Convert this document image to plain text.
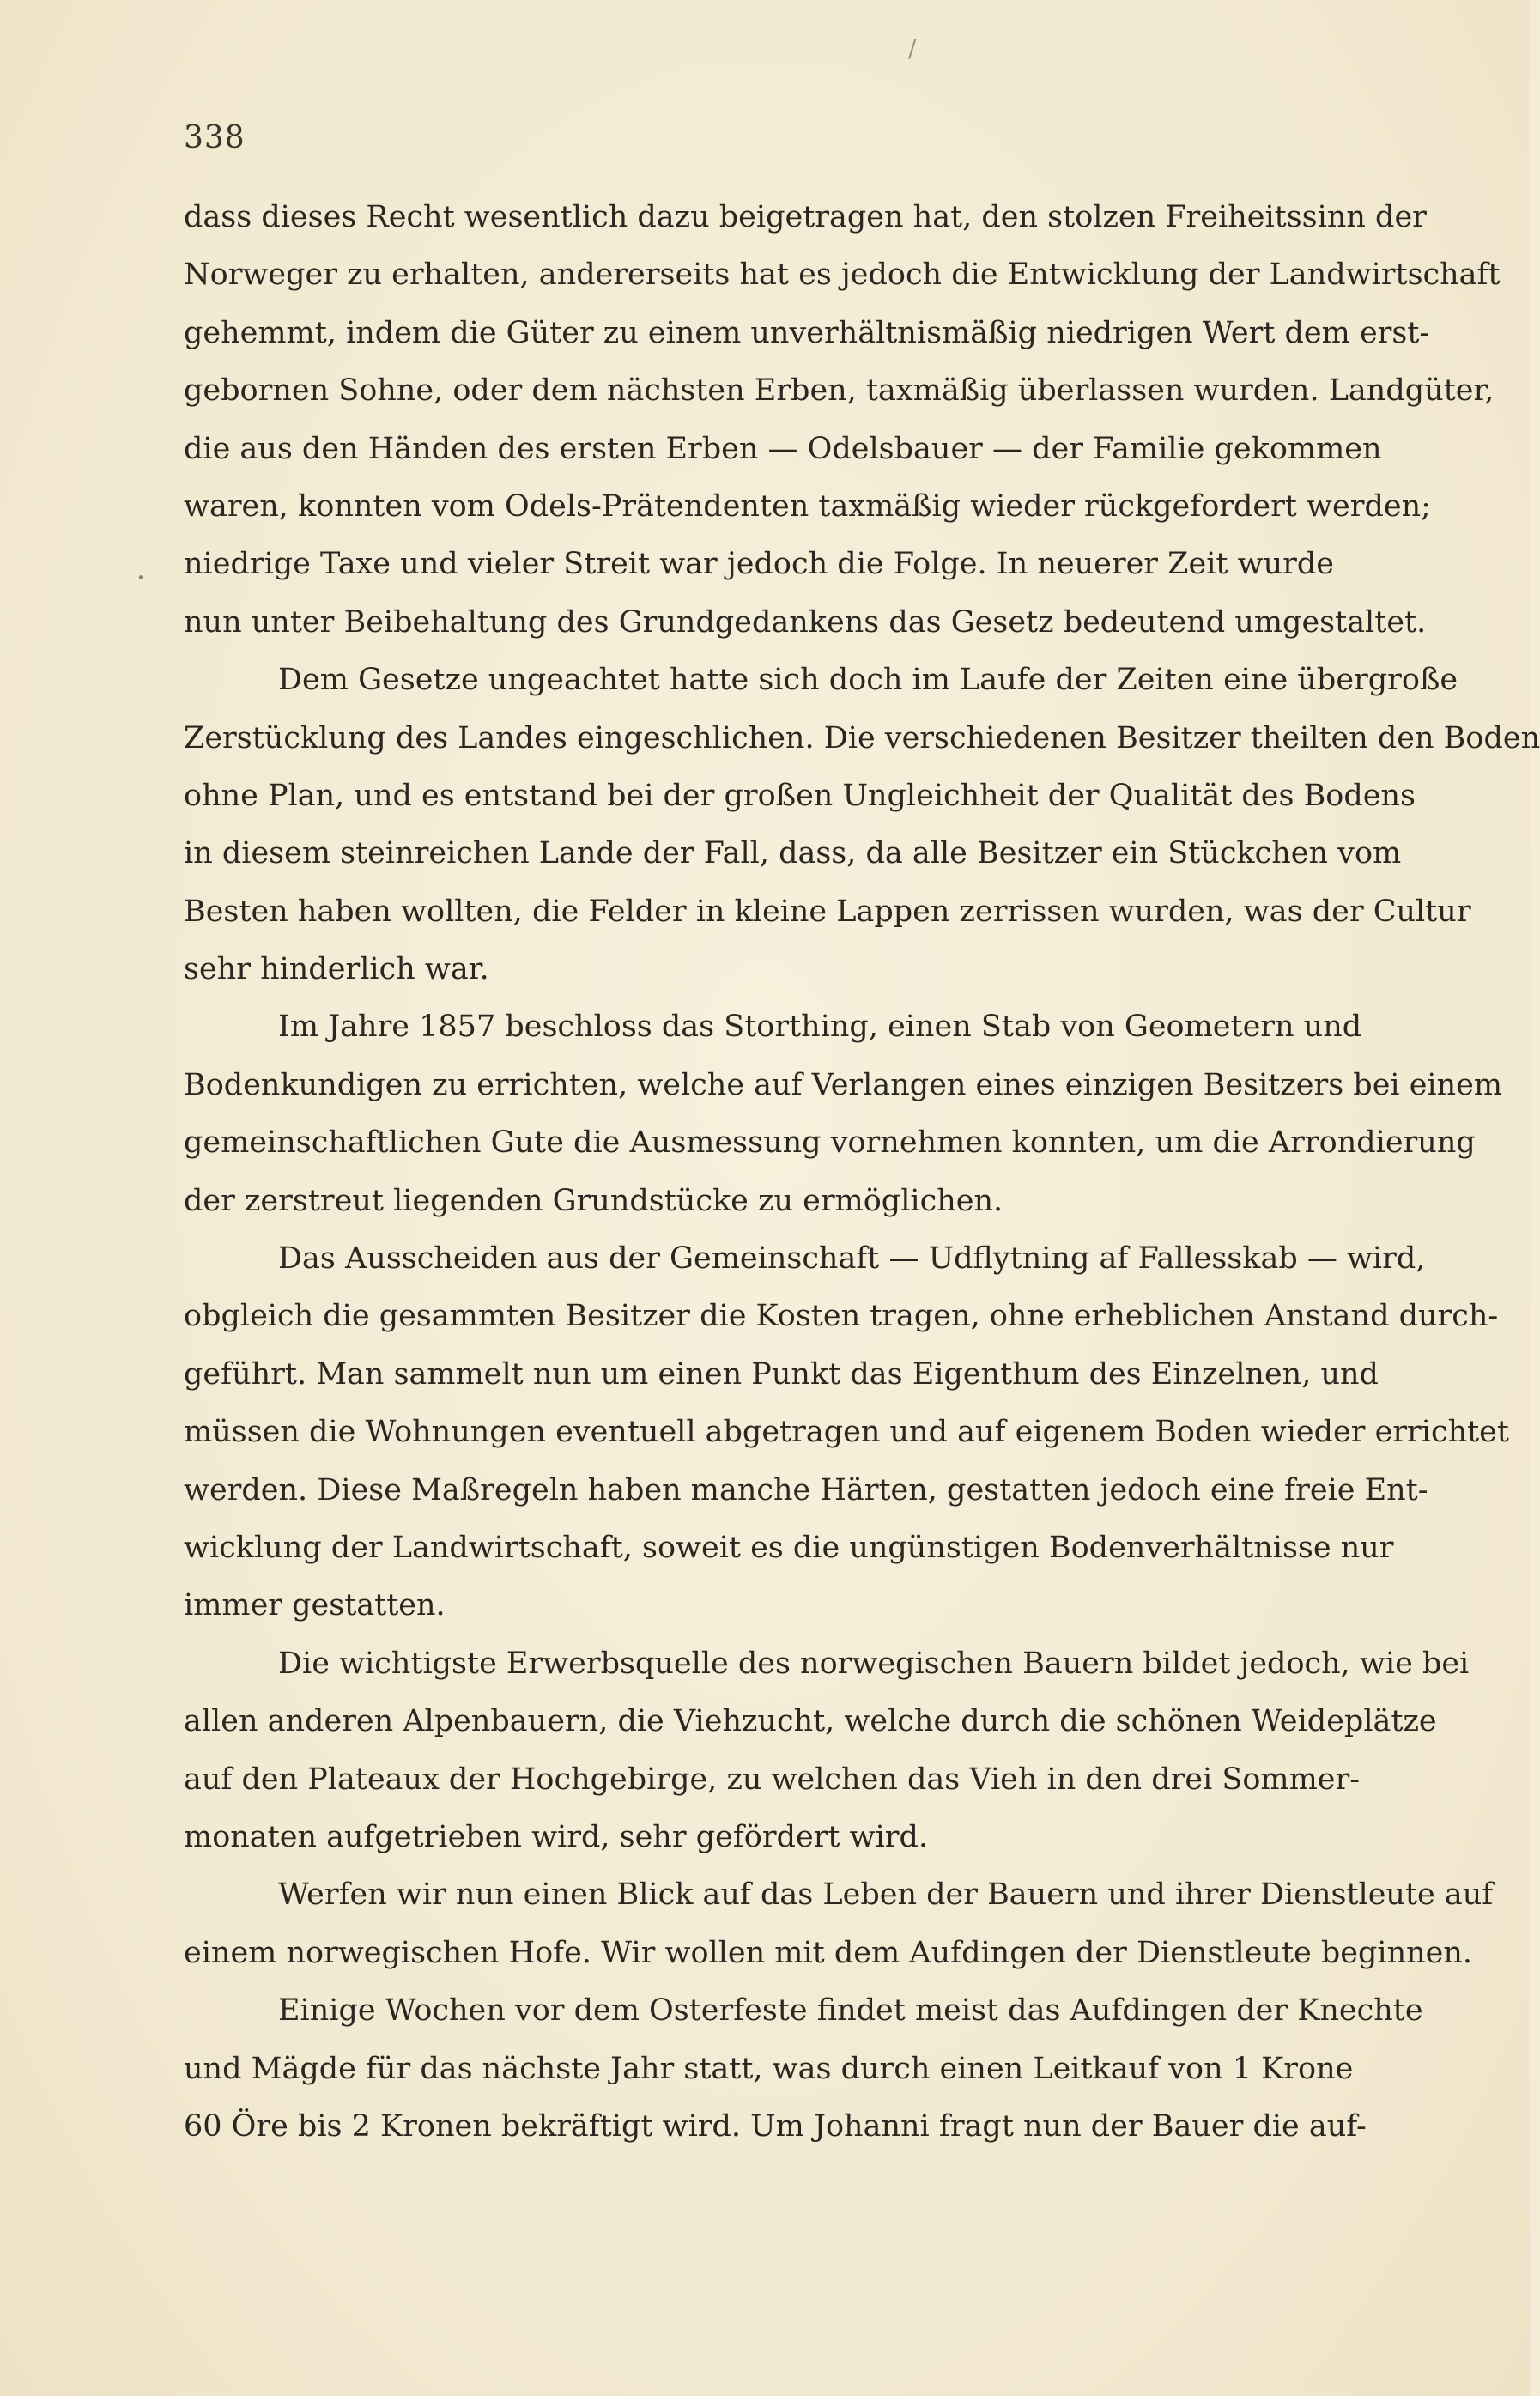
/
338
dass dieses Recht wesentlich dazu beigetragen hat, den stolzen Freiheitssinn der
Norweger zu erhalten, andererseits hat es jedoch die Entwicklung der Landwirtschaft
gehemmt, indem die Güter zu einem unverhältnismäßig niedrigen Wert dem erst-
gebornen Sohne, oder dem nächsten Erben, taxmäßig überlassen wurden. Landgüter,
die aus den Händen des ersten Erben — Odelsbauer — der Familie gekommen
waren, konnten vom Odels-Prätendenten taxmäßig wieder rückgefordert werden;
niedrige Taxe und vieler Streit war jedoch die Folge. In neuerer Zeit wurde
nun unter Beibehaltung des Grundgedankens das Gesetz bedeutend umgestaltet.
Dem Gesetze ungeachtet hatte sich doch im Laufe der Zeiten eine übergroße
Zerstücklung des Landes eingeschlichen. Die verschiedenen Besitzer theilten den Boden
ohne Plan, und es entstand bei der großen Ungleichheit der Qualität des Bodens
in diesem steinreichen Lande der Fall, dass, da alle Besitzer ein Stückchen vom
Besten haben wollten, die Felder in kleine Lappen zerrissen wurden, was der Cultur
sehr hinderlich war.
Im Jahre 1857 beschloss das Storthing, einen Stab von Geometern und
Bodenkundigen zu errichten, welche auf Verlangen eines einzigen Besitzers bei einem
gemeinschaftlichen Gute die Ausmessung vornehmen konnten, um die Arrondierung
der zerstreut liegenden Grundstücke zu ermöglichen.
Das Ausscheiden aus der Gemeinschaft — Udflytning af Fallesskab — wird,
obgleich die gesammten Besitzer die Kosten tragen, ohne erheblichen Anstand durch-
geführt. Man sammelt nun um einen Punkt das Eigenthum des Einzelnen, und
müssen die Wohnungen eventuell abgetragen und auf eigenem Boden wieder errichtet
werden. Diese Maßregeln haben manche Härten, gestatten jedoch eine freie Ent-
wicklung der Landwirtschaft, soweit es die ungünstigen Bodenverhältnisse nur
immer gestatten.
Die wichtigste Erwerbsquelle des norwegischen Bauern bildet jedoch, wie bei
allen anderen Alpenbauern, die Viehzucht, welche durch die schönen Weideplätze
auf den Plateaux der Hochgebirge, zu welchen das Vieh in den drei Sommer-
monaten aufgetrieben wird, sehr gefördert wird.
Werfen wir nun einen Blick auf das Leben der Bauern und ihrer Dienstleute auf
einem norwegischen Hofe. Wir wollen mit dem Aufdingen der Dienstleute beginnen.
Einige Wochen vor dem Osterfeste findet meist das Aufdingen der Knechte
und Mägde für das nächste Jahr statt, was durch einen Leitkauf von 1 Krone
60 Öre bis 2 Kronen bekräftigt wird. Um Johanni fragt nun der Bauer die auf-
